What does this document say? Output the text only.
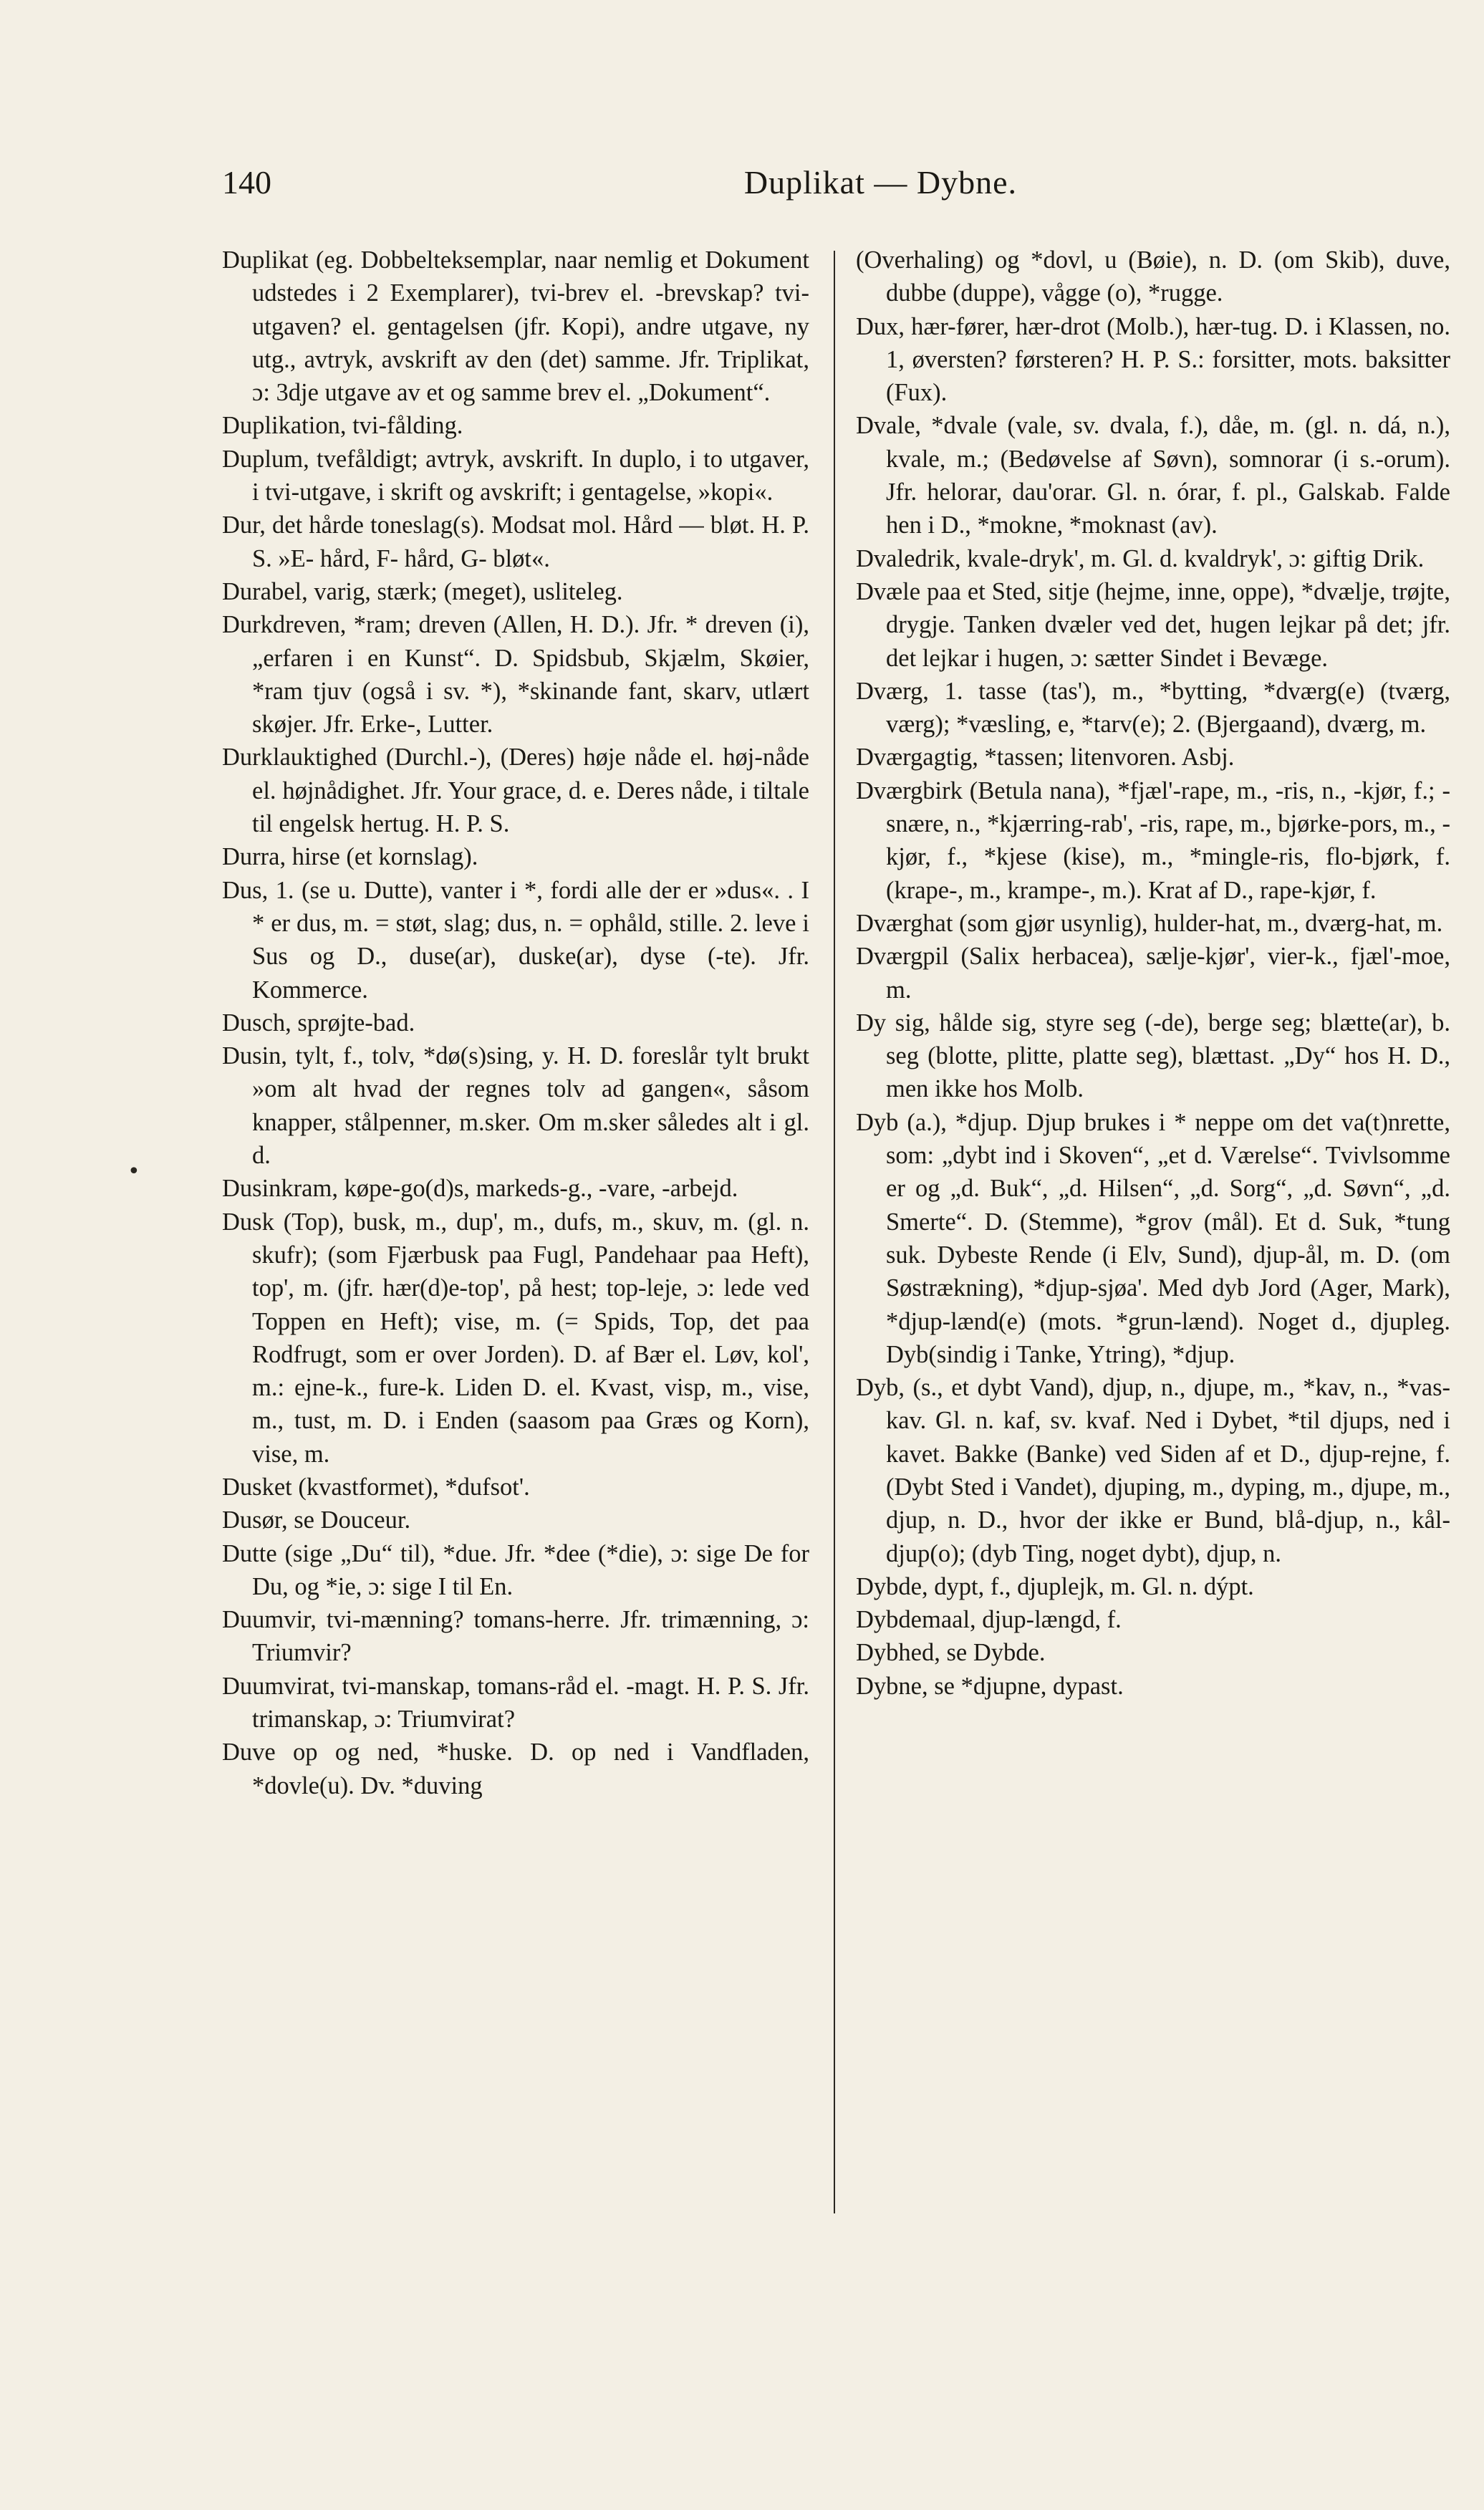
140	Duplikat — Dybne.
•

Duplikat (eg. Dobbelteksemplar, naar nemlig et Dokument udstedes i 2 Exemplarer), tvi-brev el. -brevskap? tvi-utgaven? el. gentagelsen (jfr. Kopi), andre utgave, ny utg., avtryk, avskrift av den (det) samme. Jfr. Triplikat, ɔ: 3dje utgave av et og samme brev el. „Dokument“.

Duplikation, tvi-fålding.

Duplum, tvefåldigt; avtryk, avskrift. In duplo, i to utgaver, i tvi-utgave, i skrift og avskrift; i gentagelse, »kopi«.

Dur, det hårde toneslag(s). Modsat mol. Hård — bløt. H. P. S. »E- hård, F- hård, G- bløt«.

Durabel, varig, stærk; (meget), usliteleg.

Durkdreven, *ram; dreven (Allen, H. D.). Jfr. * dreven (i), „erfaren i en Kunst“. D. Spidsbub, Skjælm, Skøier, *ram tjuv (også i sv. *), *skinande fant, skarv, utlært skøjer. Jfr. Erke-, Lutter.

Durklauktighed (Durchl.-), (Deres) høje nåde el. høj-nåde el. højnådighet. Jfr. Your grace, d. e. Deres nåde, i tiltale til engelsk hertug. H. P. S.

Durra, hirse (et kornslag).

Dus, 1. (se u. Dutte), vanter i *, fordi alle der er »dus«. . I * er dus, m. = støt, slag; dus, n. = ophåld, stille. 2. leve i Sus og D., duse(ar), duske(ar), dyse (-te). Jfr. Kommerce.

Dusch, sprøjte-bad.

Dusin, tylt, f., tolv, *dø(s)sing, y. H. D. foreslår tylt brukt »om alt hvad der regnes tolv ad gangen«, såsom knapper, stålpenner, m.sker. Om m.sker således alt i gl. d.

Dusinkram, køpe-go(d)s, markeds-g., -vare, -arbejd.

Dusk (Top), busk, m., dup', m., dufs, m., skuv, m. (gl. n. skufr); (som Fjærbusk paa Fugl, Pandehaar paa Heft), top', m. (jfr. hær(d)e-top', på hest; top-leje, ɔ: lede ved Toppen en Heft); vise, m. (= Spids, Top, det paa Rodfrugt, som er over Jorden). D. af Bær el. Løv, kol', m.: ejne-k., fure-k. Liden D. el. Kvast, visp, m., vise, m., tust, m. D. i Enden (saasom paa Græs og Korn), vise, m.

Dusket (kvastformet), *dufsot'.

Dusør, se Douceur.

Dutte (sige „Du“ til), *due. Jfr. *dee (*die), ɔ: sige De for Du, og *ie, ɔ: sige I til En.

Duumvir, tvi-mænning? tomans-herre. Jfr. trimænning, ɔ: Triumvir?

Duumvirat, tvi-manskap, tomans-råd el. -magt. H. P. S. Jfr. trimanskap, ɔ: Triumvirat?

Duve op og ned, *huske. D. op ned i Vandfladen, *dovle(u). Dv. *duving

(Overhaling) og *dovl, u (Bøie), n. D. (om Skib), duve, dubbe (duppe), vågge (o), *rugge.

Dux, hær-fører, hær-drot (Molb.), hær-tug. D. i Klassen, no. 1, øversten? førsteren? H. P. S.: forsitter, mots. baksitter (Fux).

Dvale, *dvale (vale, sv. dvala, f.), dåe, m. (gl. n. dá, n.), kvale, m.; (Bedøvelse af Søvn), somnorar (i s.-orum). Jfr. helorar, dau'orar. Gl. n. órar, f. pl., Galskab. Falde hen i D., *mokne, *moknast (av).

Dvaledrik, kvale-dryk', m. Gl. d. kvaldryk', ɔ: giftig Drik.

Dvæle paa et Sted, sitje (hejme, inne, oppe), *dvælje, trøjte, drygje. Tanken dvæler ved det, hugen lejkar på det; jfr. det lejkar i hugen, ɔ: sætter Sindet i Bevæge.

Dværg, 1. tasse (tas'), m., *bytting, *dværg(e) (tværg, værg); *væsling, e, *tarv(e); 2. (Bjergaand), dværg, m.

Dværgagtig, *tassen; litenvoren. Asbj.

Dværgbirk (Betula nana), *fjæl'-rape, m., -ris, n., -kjør, f.; -snære, n., *kjærring-rab', -ris, rape, m., bjørke-pors, m., -kjør, f., *kjese (kise), m., *mingle-ris, flo-bjørk, f. (krape-, m., krampe-, m.). Krat af D., rape-kjør, f.

Dværghat (som gjør usynlig), hulder-hat, m., dværg-hat, m.

Dværgpil (Salix herbacea), sælje-kjør', vier-k., fjæl'-moe, m.

Dy sig, hålde sig, styre seg (-de), berge seg; blætte(ar), b. seg (blotte, plitte, platte seg), blættast. „Dy“ hos H. D., men ikke hos Molb.

Dyb (a.), *djup. Djup brukes i * neppe om det va(t)nrette, som: „dybt ind i Skoven“, „et d. Værelse“. Tvivlsomme er og „d. Buk“, „d. Hilsen“, „d. Sorg“, „d. Søvn“, „d. Smerte“. D. (Stemme), *grov (mål). Et d. Suk, *tung suk. Dybeste Rende (i Elv, Sund), djup-ål, m. D. (om Søstrækning), *djup-sjøa'. Med dyb Jord (Ager, Mark), *djup-lænd(e) (mots. *grun-lænd). Noget d., djupleg. Dyb(sindig i Tanke, Ytring), *djup.

Dyb, (s., et dybt Vand), djup, n., djupe, m., *kav, n., *vas-kav. Gl. n. kaf, sv. kvaf. Ned i Dybet, *til djups, ned i kavet. Bakke (Banke) ved Siden af et D., djup-rejne, f. (Dybt Sted i Vandet), djuping, m., dyping, m., djupe, m., djup, n. D., hvor der ikke er Bund, blå-djup, n., kål-djup(o); (dyb Ting, noget dybt), djup, n.

Dybde, dypt, f., djuplejk, m. Gl. n. dýpt.

Dybdemaal, djup-længd, f.

Dybhed, se Dybde.

Dybne, se *djupne, dypast.
